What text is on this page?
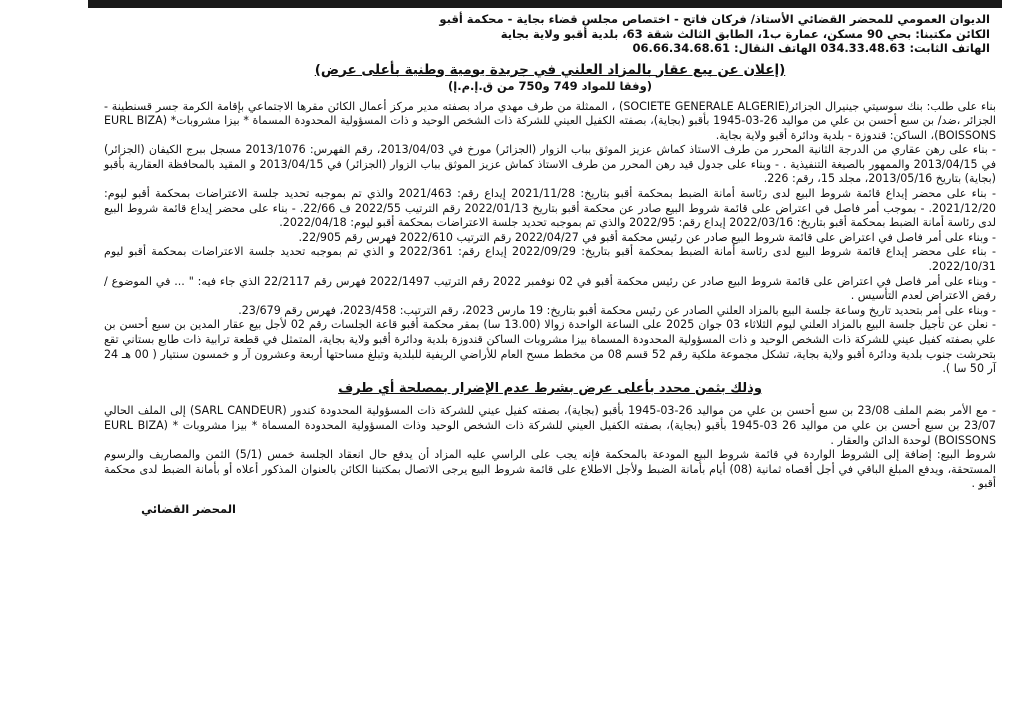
الديوان العمومي للمحضر القضائي الأستاذ/ فركان فاتح - اختصاص مجلس قضاء بجاية - محكمة أقبو
الكائن مكتبنا: بحي 90 مسكن، عمارة ب1، الطابق الثالث شقة 63، بلدية أقبو ولاية بجاية
الهاتف الثابت: 034.33.48.63 الهاتف النقال: 06.66.34.68.61
(إعلان عن بيع عقار بالمزاد العلني في جريدة يومية وطنية بأعلى عرض)
(وفقا للمواد 749 و750 من ق.إ.م.إ)

بناء على طلب: بنك سوسيتي جينيرال الجزائر(SOCIETE GENERALE ALGERIE) ، الممثلة من طرف مهدي مراد بصفته مدير مركز أعمال الكائن مقرها الاجتماعي بإقامة الكرمة جسر قسنطينة - الجزائر ،ضد/ بن سبع أحسن بن علي من مواليد 26-03-1945 بأقبو (بجاية)، بصفته الكفيل العيني للشركة ذات الشخص الوحيد و ذات المسؤولية المحدودة المسماة * بيزا مشروبات* (EURL BIZA BOISSONS)، الساكن: قندوزة - بلدية ودائرة أقبو ولاية بجاية.

- بناء على رهن عقاري من الدرجة الثانية المحرر من طرف الاستاذ كماش عزيز الموثق بباب الزوار (الجزائر) مورخ في 2013/04/03، رقم الفهرس: 2013/1076 مسجل ببرج الكيفان (الجزائر) في 2013/04/15 والممهور بالصيغة التنفيذية . - وبناء على جدول قيد رهن المحرر من طرف الاستاذ كماش عزيز الموثق بباب الزوار (الجزائر) في 2013/04/15 و المقيد بالمحافظة العقارية بأقبو (بجاية) بتاريخ 2013/05/16، مجلد 15، رقم: 226.

- بناء على محضر إيداع قائمة شروط البيع لدى رئاسة أمانة الضبط بمحكمة أقبو بتاريخ: 2021/11/28 إيداع رقم: 2021/463 والذي تم بموجبه تحديد جلسة الاعتراضات بمحكمة أقبو ليوم: 2021/12/20. - بموجب أمر فاصل في اعتراض على قائمة شروط البيع صادر عن محكمة أقبو بتاريخ 2022/01/13 رقم الترتيب 2022/55 ف 22/66. - بناء على محضر إيداع قائمة شروط البيع لدى رئاسة أمانة الضبط بمحكمة أقبو بتاريخ: 2022/03/16 إيداع رقم: 2022/95 والذي تم بموجبه تحديد جلسة الاعتراضات بمحكمة أقبو ليوم: 2022/04/18.

- وبناء على أمر فاصل في اعتراض على قائمة شروط البيع صادر عن رئيس محكمة أقبو في 2022/04/27 رقم الترتيب 2022/610 فهرس رقم 22/905.

- بناء على محضر إيداع قائمة شروط البيع لدى رئاسة أمانة الضبط بمحكمة أقبو بتاريخ: 2022/09/29 إيداع رقم: 2022/361 و الذي تم بموجبه تحديد جلسة الاعتراضات بمحكمة أقبو ليوم 2022/10/31.

- وبناء على أمر فاصل في اعتراض على قائمة شروط البيع صادر عن رئيس محكمة أقبو في 02 نوفمبر 2022 رقم الترتيب 2022/1497 فهرس رقم 22/2117 الذي جاء فيه: " ... في الموضوع / رفض الاعتراض لعدم التأسيس .

- وبناء على أمر بتحديد تاريخ وساعة جلسة البيع بالمزاد العلني الصادر عن رئيس محكمة أقبو بتاريخ: 19 مارس 2023، رقم الترتيب: 2023/458، فهرس رقم 23/679.

- نعلن عن تأجيل جلسة البيع بالمزاد العلني ليوم الثلاثاء 03 جوان 2025 على الساعة الواحدة زوالا (13.00 سا) بمقر محكمة أقبو قاعة الجلسات رقم 02 لأجل بيع عقار المدين بن سبع أحسن بن علي بصفته كفيل عيني للشركة ذات الشخص الوحيد و ذات المسؤولية المحدودة المسماة بيزا مشروبات الساكن قندوزة بلدية ودائرة أقبو ولاية بجاية، المتمثل في قطعة ترابية ذات طابع بستاني تقع بتحرشت جنوب بلدية ودائرة أقبو ولاية بجاية، تشكل مجموعة ملكية رقم 52 قسم 08 من مخطط مسح العام للأراضي الريفية للبلدية وتبلغ مساحتها أربعة وعشرون آر و خمسون سنتيار ( 00 هـ 24 آر 50 سا ).

وذلك بثمن محدد بأعلى عرض بشرط عدم الإضرار بمصلحة أي طرف

- مع الأمر بضم الملف 23/08 بن سبع أحسن بن علي من مواليد 26-03-1945 بأقبو (بجاية)، بصفته كفيل عيني للشركة ذات المسؤولية المحدودة كندور (SARL CANDEUR) إلى الملف الحالي 23/07 بن سبع أحسن بن علي من مواليد 26 03-1945 بأقبو (بجاية)، بصفته الكفيل العيني للشركة ذات الشخص الوحيد وذات المسؤولية المحدودة المسماة * بيزا مشروبات * (EURL BIZA BOISSONS) لوحدة الدائن والعقار .

شروط البيع: إضافة إلى الشروط الواردة في قائمة شروط البيع المودعة بالمحكمة فإنه يجب على الراسي عليه المزاد أن يدفع حال انعقاد الجلسة خمس (5/1) الثمن والمصاريف والرسوم المستحقة، ويدفع المبلغ الباقي في أجل أقصاه ثمانية (08) أيام بأمانة الضبط ولأجل الاطلاع على قائمة شروط البيع يرجى الاتصال بمكتبنا الكائن بالعنوان المذكور أعلاه أو بأمانة الضبط لدى محكمة أقبو .

المحضر القضائي
